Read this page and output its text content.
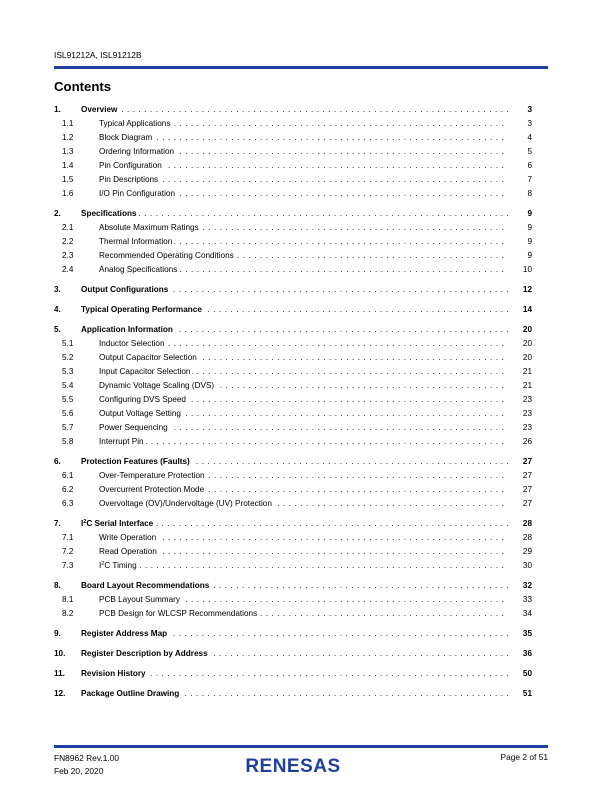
ISL91212A, ISL91212B
Contents
1. Overview . . .	3
1.1	Typical Applications . . .	3
1.2	Block Diagram . . .	4
1.3	Ordering Information . . .	5
1.4	Pin Configuration . . .	6
1.5	Pin Descriptions . . .	7
1.6	I/O Pin Configuration . . .	8
2. Specifications . . .	9
2.1	Absolute Maximum Ratings . . .	9
2.2	Thermal Information . . .	9
2.3	Recommended Operating Conditions . . .	9
2.4	Analog Specifications . . .	10
3. Output Configurations . . .	12
4. Typical Operating Performance . . .	14
5. Application Information . . .	20
5.1	Inductor Selection . . .	20
5.2	Output Capacitor Selection . . .	20
5.3	Input Capacitor Selection . . .	21
5.4	Dynamic Voltage Scaling (DVS) . . .	21
5.5	Configuring DVS Speed . . .	23
5.6	Output Voltage Setting . . .	23
5.7	Power Sequencing . . .	23
5.8	Interrupt Pin . . .	26
6. Protection Features (Faults) . . .	27
6.1	Over-Temperature Protection . . .	27
6.2	Overcurrent Protection Mode . . .	27
6.3	Overvoltage (OV)/Undervoltage (UV) Protection . . .	27
7. $I^2C$ Serial Interface . . .	28
7.1	Write Operation . . .	28
7.2	Read Operation . . .	29
7.3	$I^2C$ Timing . . .	30
8. Board Layout Recommendations . . .	32
8.1	PCB Layout Summary . . .	33
8.2	PCB Design for WLCSP Recommendations . . .	34
9. Register Address Map . . .	35
10. Register Description by Address . . .	36
11. Revision History . . .	50
12. Package Outline Drawing . . .	51
FN8962 Rev.1.00
Feb 20, 2020	RENESAS	Page 2 of 51
